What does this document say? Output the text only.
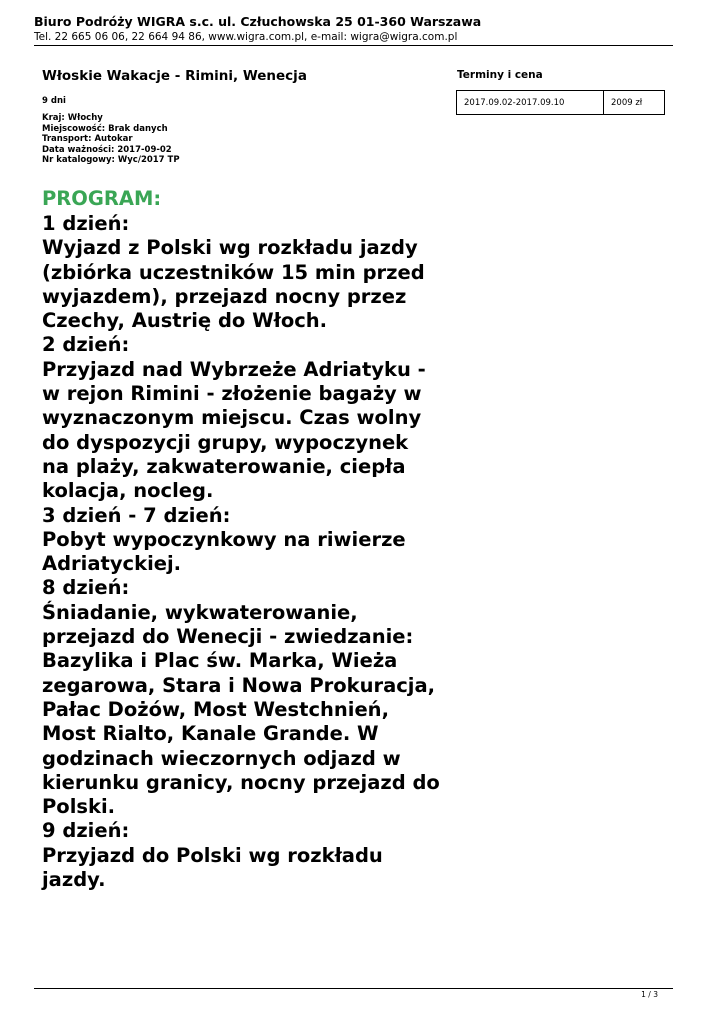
Biuro Podróży WIGRA s.c. ul. Człuchowska 25 01-360 Warszawa
Tel. 22 665 06 06, 22 664 94 86, www.wigra.com.pl, e-mail: wigra@wigra.com.pl
Włoskie Wakacje - Rimini, Wenecja
9 dni
Kraj: Włochy
Miejscowość: Brak danych
Transport: Autokar
Data ważności: 2017-09-02
Nr katalogowy: Wyc/2017 TP
Terminy i cena
2017.09.02-2017.09.10	2009 zł
PROGRAM:
1 dzień:
Wyjazd z Polski wg rozkładu jazdy
(zbiórka uczestników 15 min przed
wyjazdem), przejazd nocny przez
Czechy, Austrię do Włoch.
2 dzień:
Przyjazd nad Wybrzeże Adriatyku -
w rejon Rimini - złożenie bagaży w
wyznaczonym miejscu. Czas wolny
do dyspozycji grupy, wypoczynek
na plaży, zakwaterowanie, ciepła
kolacja, nocleg.
3 dzień - 7 dzień:
Pobyt wypoczynkowy na riwierze
Adriatyckiej.
8 dzień:
Śniadanie, wykwaterowanie,
przejazd do Wenecji - zwiedzanie:
Bazylika i Plac św. Marka, Wieża
zegarowa, Stara i Nowa Prokuracja,
Pałac Dożów, Most Westchnień,
Most Rialto, Kanale Grande. W
godzinach wieczornych odjazd w
kierunku granicy, nocny przejazd do
Polski.
9 dzień:
Przyjazd do Polski wg rozkładu
jazdy.
1 / 3
